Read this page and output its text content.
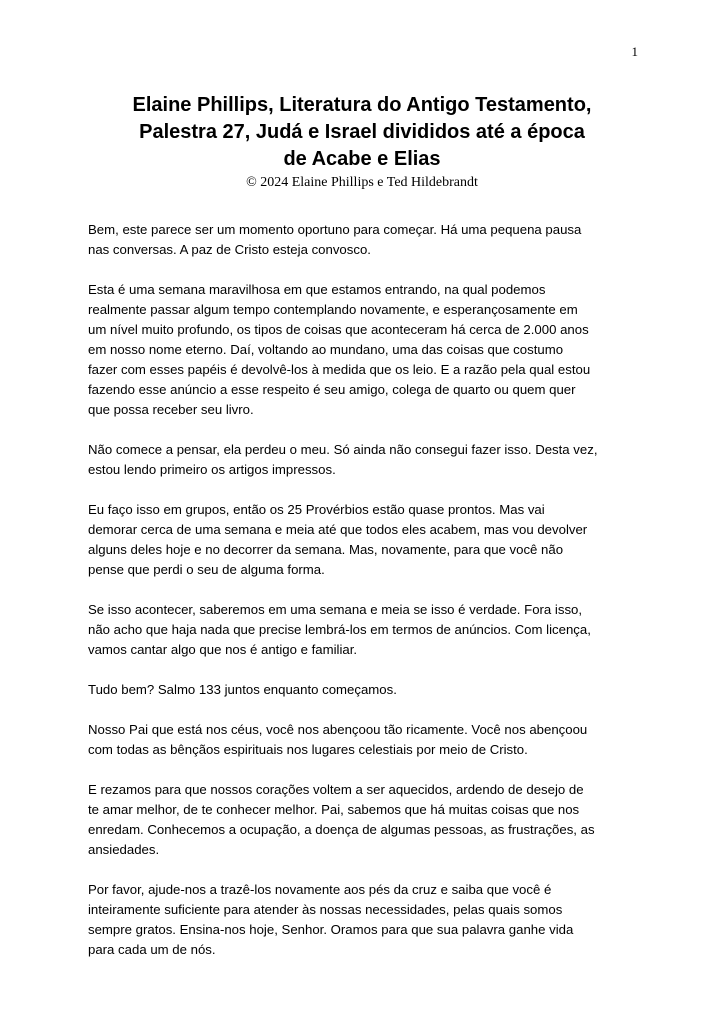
1
Elaine Phillips, Literatura do Antigo Testamento,
Palestra 27, Judá e Israel divididos até a época
de Acabe e Elias
© 2024 Elaine Phillips e Ted Hildebrandt

Bem, este parece ser um momento oportuno para começar. Há uma pequena pausa
nas conversas. A paz de Cristo esteja convosco.

Esta é uma semana maravilhosa em que estamos entrando, na qual podemos
realmente passar algum tempo contemplando novamente, e esperançosamente em
um nível muito profundo, os tipos de coisas que aconteceram há cerca de 2.000 anos
em nosso nome eterno. Daí, voltando ao mundano, uma das coisas que costumo
fazer com esses papéis é devolvê-los à medida que os leio. E a razão pela qual estou
fazendo esse anúncio a esse respeito é seu amigo, colega de quarto ou quem quer
que possa receber seu livro.

Não comece a pensar, ela perdeu o meu. Só ainda não consegui fazer isso. Desta vez,
estou lendo primeiro os artigos impressos.

Eu faço isso em grupos, então os 25 Provérbios estão quase prontos. Mas vai
demorar cerca de uma semana e meia até que todos eles acabem, mas vou devolver
alguns deles hoje e no decorrer da semana. Mas, novamente, para que você não
pense que perdi o seu de alguma forma.

Se isso acontecer, saberemos em uma semana e meia se isso é verdade. Fora isso,
não acho que haja nada que precise lembrá-los em termos de anúncios. Com licença,
vamos cantar algo que nos é antigo e familiar.

Tudo bem? Salmo 133 juntos enquanto começamos.

Nosso Pai que está nos céus, você nos abençoou tão ricamente. Você nos abençoou
com todas as bênçãos espirituais nos lugares celestiais por meio de Cristo.

E rezamos para que nossos corações voltem a ser aquecidos, ardendo de desejo de
te amar melhor, de te conhecer melhor. Pai, sabemos que há muitas coisas que nos
enredam. Conhecemos a ocupação, a doença de algumas pessoas, as frustrações, as
ansiedades.

Por favor, ajude-nos a trazê-los novamente aos pés da cruz e saiba que você é
inteiramente suficiente para atender às nossas necessidades, pelas quais somos
sempre gratos. Ensina-nos hoje, Senhor. Oramos para que sua palavra ganhe vida
para cada um de nós.
